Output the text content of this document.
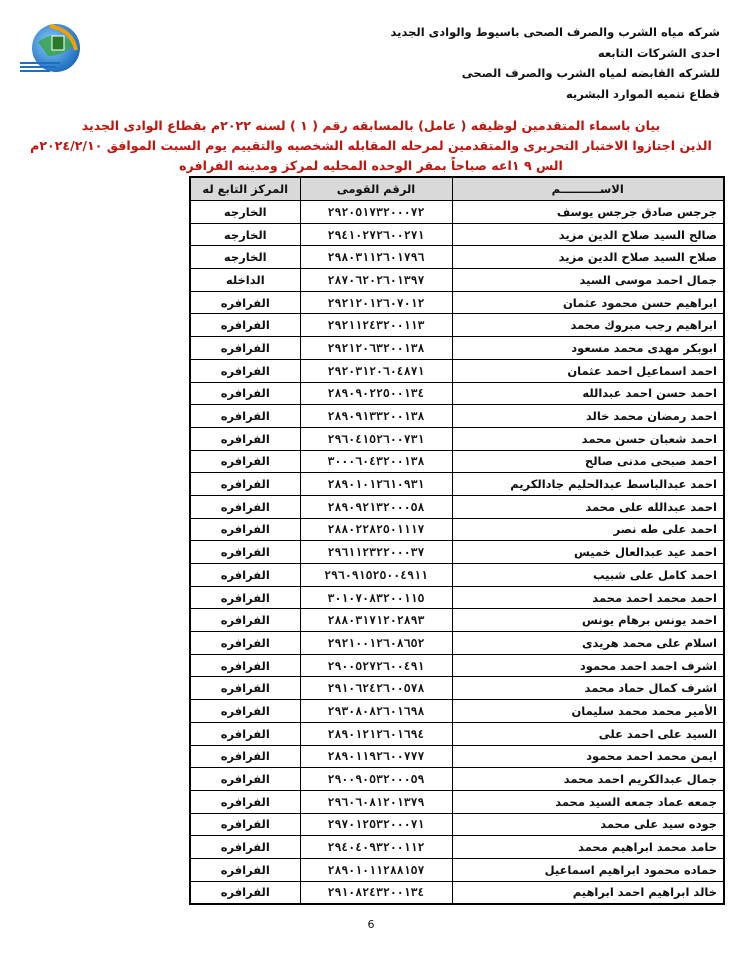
شركه مياه الشرب والصرف الصحى باسيوط والوادى الجديد
احدى الشركات التابعه
للشركه القابضه لمياه الشرب والصرف الصحى
قطاع تنميه الموارد البشريه
بيان باسماء المتقدمين لوظيفه ( عامل) بالمسابقه رقم ( ١ ) لسنه ٢٠٢٢م بقطاع الوادى الجديد
الذين اجتازوا الاختبار التحريرى والمتقدمين لمرحله المقابله الشخصيه والتقييم يوم السبت الموافق ٢٠٢٤/٢/١٠م
الس ٩ ١اعه صباحاً بمقر الوحده المحليه لمركز ومدينه الفرافره
الاســــــــــم	الرقم القومى	المركز التابع له
جرجس صادق جرجس يوسف	٢٩٢٠٥١٧٣٢٠٠٠٧٢	الخارجه
صالح السيد صلاح الدين مزيد	٢٩٤١٠٢٧٢٦٠٠٢٧١	الخارجه
صلاح السيد صلاح الدين مزيد	٢٩٨٠٣١١٢٦٠١٧٩٦	الخارجه
جمال احمد موسى السيد	٢٨٧٠٦٢٠٢٦٠١٣٩٧	الداخله
ابراهيم حسن محمود عثمان	٢٩٢١٢٠١٢٦٠٧٠١٢	الفرافره
ابراهيم رجب مبروك محمد	٢٩٢١١٢٤٣٢٠٠١١٣	الفرافره
ابوبكر مهدى محمد مسعود	٢٩٢١٢٠٦٣٢٠٠١٣٨	الفرافره
احمد اسماعيل احمد عثمان	٢٩٢٠٣١٢٠٦٠٤٨٧١	الفرافره
احمد حسن احمد عبدالله	٢٨٩٠٩٠٢٢٥٠٠١٣٤	الفرافره
احمد رمضان محمد خالد	٢٨٩٠٩١٣٣٢٠٠١٣٨	الفرافره
احمد شعبان حسن محمد	٢٩٦٠٤١٥٢٦٠٠٧٣١	الفرافره
احمد صبحى مدنى صالح	٣٠٠٠٦٠٤٣٢٠٠١٣٨	الفرافره
احمد عبدالباسط عبدالحليم جادالكريم	٢٨٩٠١٠١٢٦١٠٩٣١	الفرافره
احمد عبدالله على محمد	٢٨٩٠٩٢١٣٢٠٠٠٥٨	الفرافره
احمد على طه نصر	٢٨٨٠٢٢٨٢٥٠١١١٧	الفرافره
احمد عيد عبدالعال خميس	٢٩٦١١٢٣٢٢٠٠٠٣٧	الفرافره
احمد كامل على شبيب	٢٩٦٠٩١٥٢٥٠٠٤٩١١	الفرافره
احمد محمد احمد محمد	٣٠١٠٧٠٨٣٢٠٠١١٥	الفرافره
احمد يونس برهام يونس	٢٨٨٠٣١٧١٢٠٢٨٩٣	الفرافره
اسلام على محمد هريدى	٢٩٢١٠٠١٢٦٠٨٦٥٢	الفرافره
اشرف احمد احمد محمود	٢٩٠٠٥٢٧٢٦٠٠٤٩١	الفرافره
اشرف كمال حماد محمد	٢٩١٠٦٢٤٢٦٠٠٥٧٨	الفرافره
الأمير محمد محمد سليمان	٢٩٣٠٨٠٨٢٦٠١٦٩٨	الفرافره
السيد على احمد على	٢٨٩٠١٢١٢٦٠١٦٩٤	الفرافره
ايمن محمد احمد محمود	٢٨٩٠١١٩٢٦٠٠٧٧٧	الفرافره
جمال عبدالكريم احمد محمد	٢٩٠٠٩٠٥٣٢٠٠٠٥٩	الفرافره
جمعه عماد جمعه السيد محمد	٢٩٦٠٦٠٨١٢٠١٣٧٩	الفرافره
جوده سيد على محمد	٢٩٧٠١٢٥٣٢٠٠٠٧١	الفرافره
حامد محمد ابراهيم محمد	٢٩٤٠٤٠٩٣٢٠٠١١٢	الفرافره
حماده محمود ابراهيم اسماعيل	٢٨٩٠١٠١١٢٨٨١٥٧	الفرافره
خالد ابراهيم احمد ابراهيم	٢٩١٠٨٢٤٣٢٠٠١٣٤	الفرافره
6
